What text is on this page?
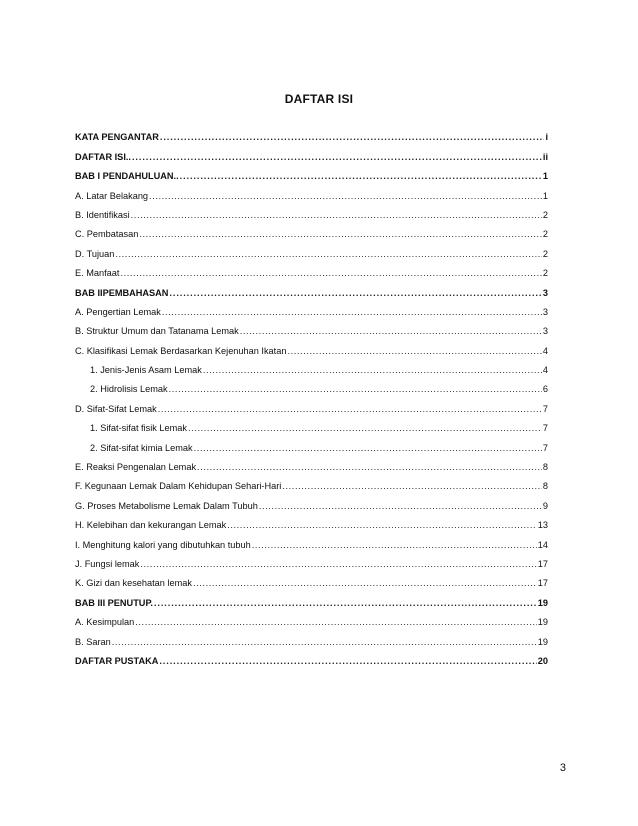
DAFTAR ISI
KATA PENGANTAR .....	i
DAFTAR ISI.. .....	ii
BAB I PENDAHULUAN.. .....	1
A. Latar Belakang .....	1
B. Identifikasi .....	2
C. Pembatasan .....	2
D. Tujuan .....	2
E. Manfaat .....	2
BAB IIPEMBAHASAN .....	3
A. Pengertian Lemak .....	3
B. Struktur Umum dan Tatanama Lemak .....	3
C. Klasifikasi Lemak Berdasarkan Kejenuhan Ikatan .....	4
1. Jenis-Jenis Asam Lemak .....	4
2. Hidrolisis Lemak .....	6
D. Sifat-Sifat Lemak .....	7
1. Sifat-sifat fisik Lemak .....	7
2. Sifat-sifat kimia Lemak .....	7
E. Reaksi Pengenalan Lemak .....	8
F. Kegunaan Lemak Dalam Kehidupan Sehari-Hari .....	8
G. Proses Metabolisme Lemak Dalam Tubuh .....	9
H. Kelebihan dan kekurangan Lemak .....	13
I. Menghitung kalori yang dibutuhkan tubuh .....	14
J. Fungsi lemak .....	17
K. Gizi dan kesehatan lemak .....	17
BAB III PENUTUP. .....	19
A. Kesimpulan .....	19
B. Saran .....	19
DAFTAR PUSTAKA .....	20
3
